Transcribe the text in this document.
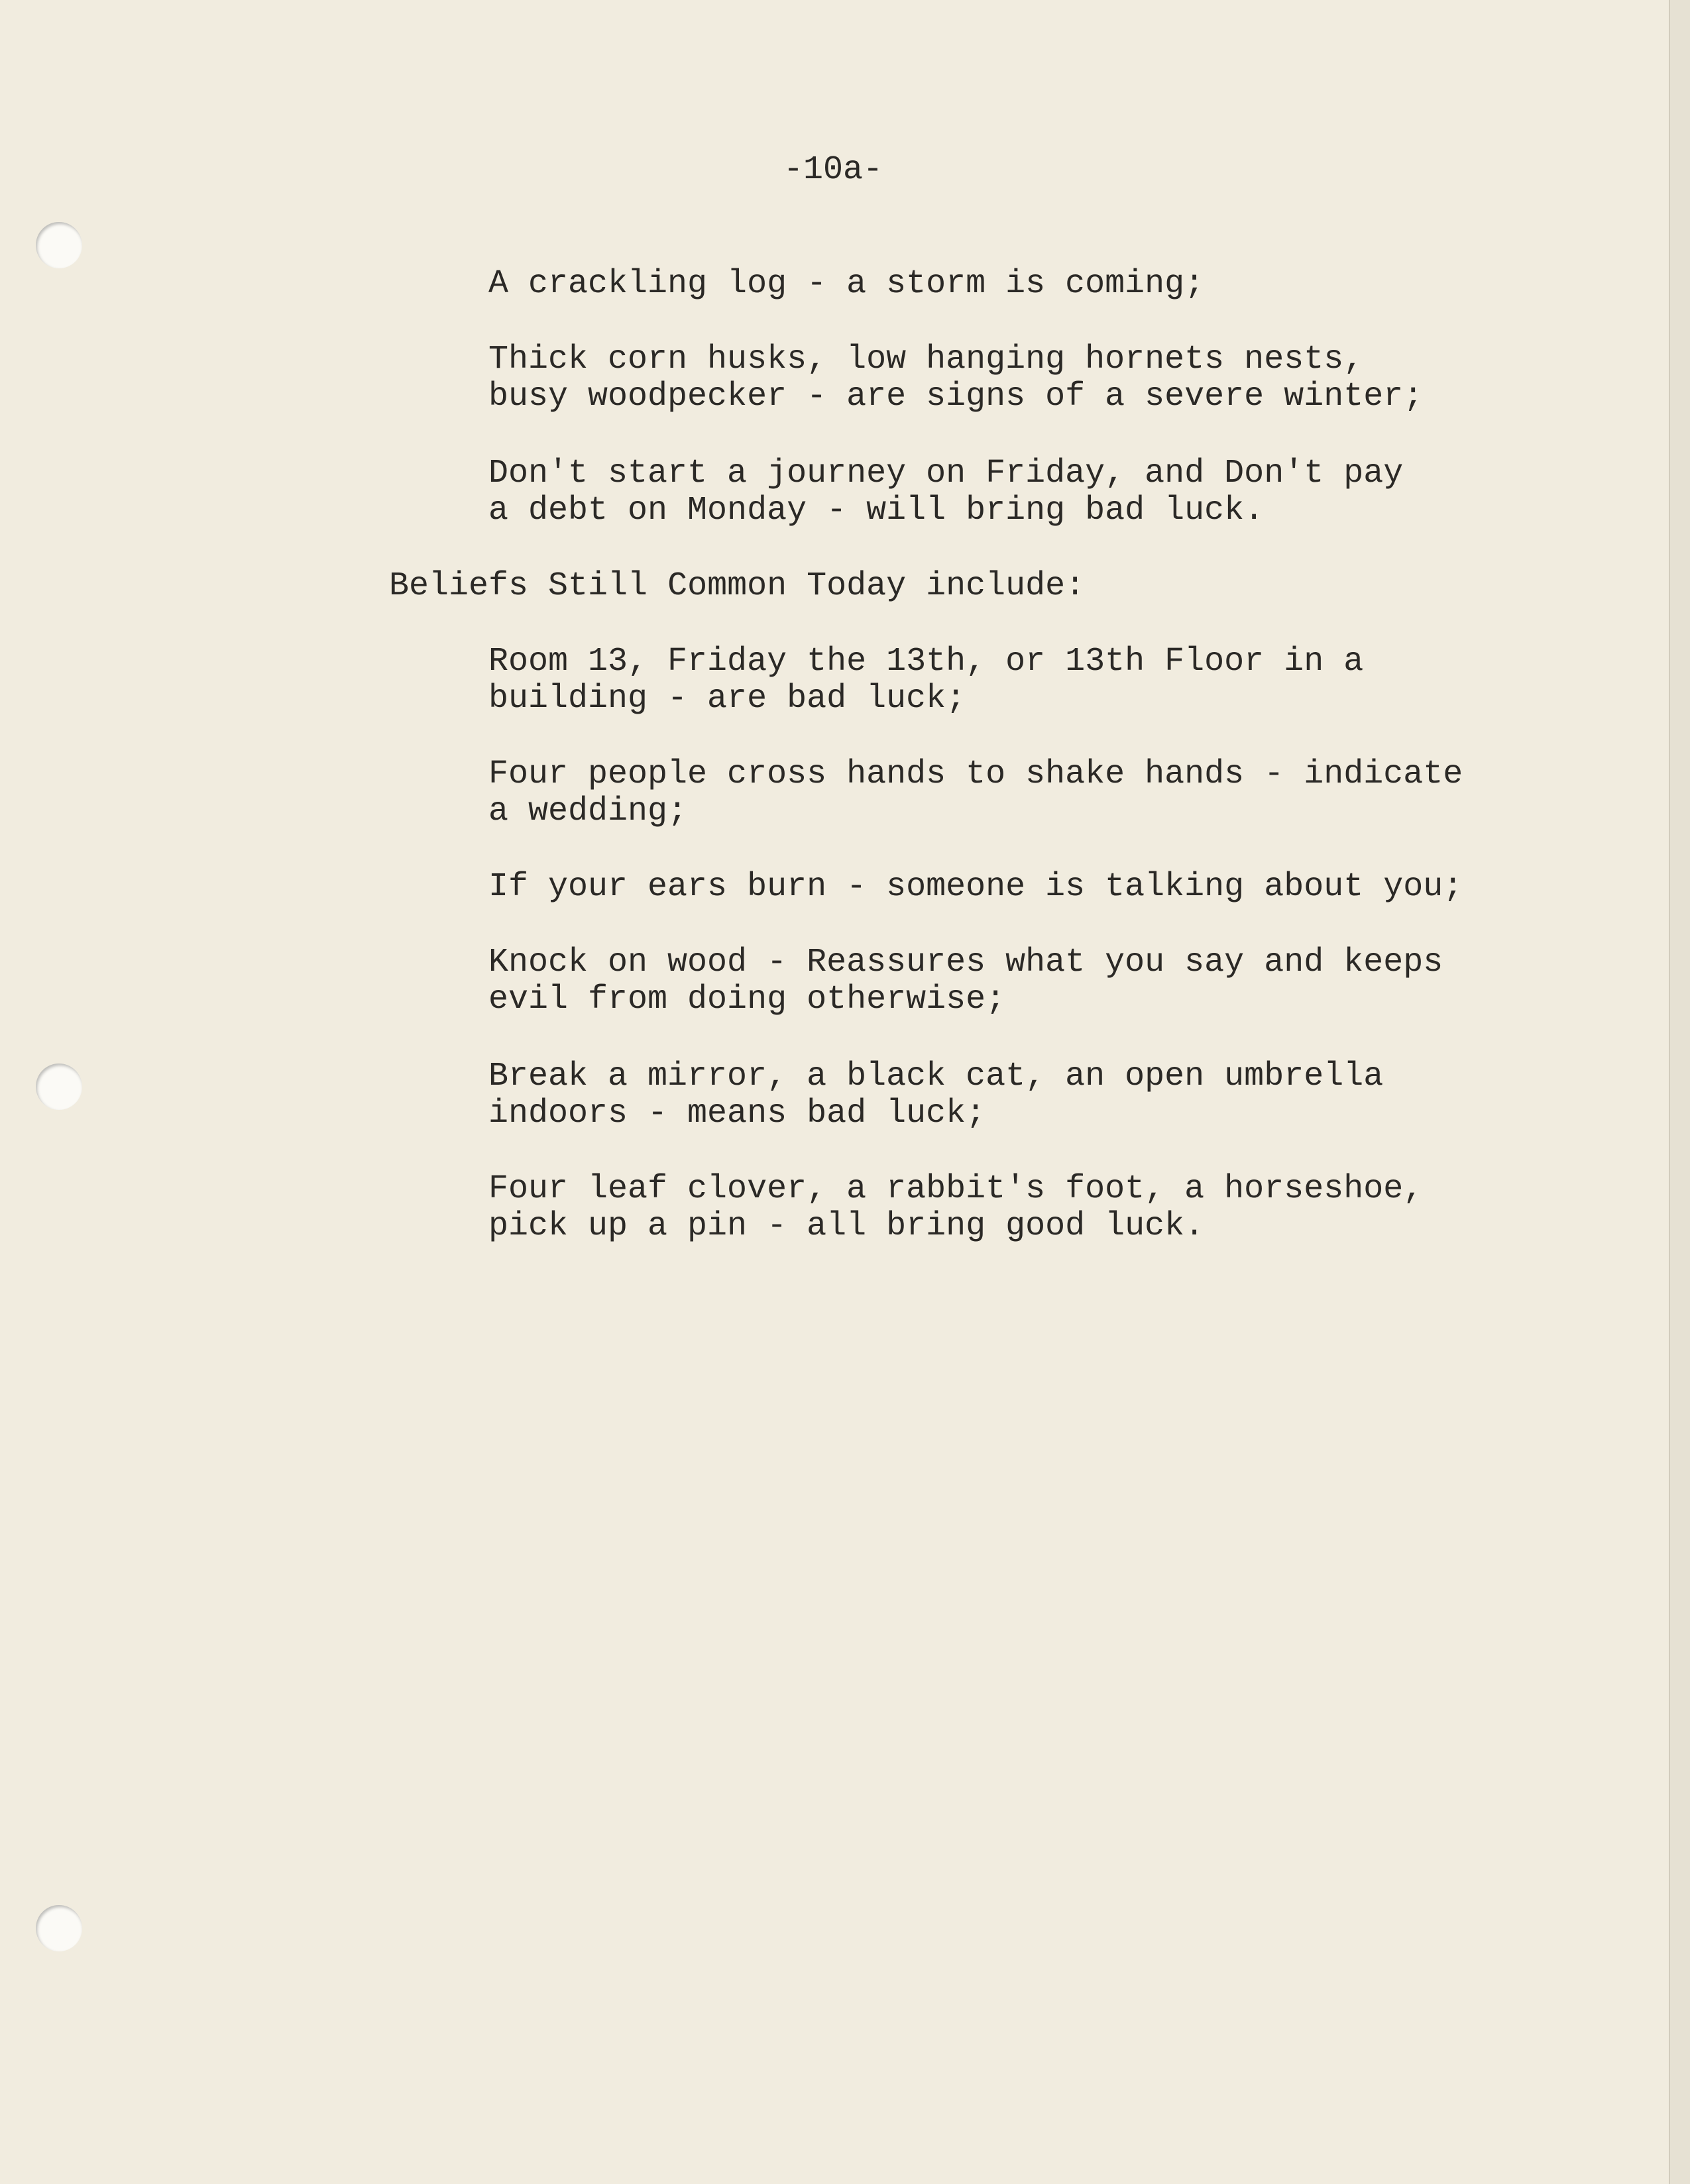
-10a-
A crackling log - a storm is coming;
Thick corn husks, low hanging hornets nests,
busy woodpecker - are signs of a severe winter;
Don't start a journey on Friday, and Don't pay
a debt on Monday - will bring bad luck.
Beliefs Still Common Today include:
Room 13, Friday the 13th, or 13th Floor in a
building - are bad luck;
Four people cross hands to shake hands - indicate
a wedding;
If your ears burn - someone is talking about you;
Knock on wood - Reassures what you say and keeps
evil from doing otherwise;
Break a mirror, a black cat, an open umbrella
indoors - means bad luck;
Four leaf clover, a rabbit's foot, a horseshoe,
pick up a pin - all bring good luck.
